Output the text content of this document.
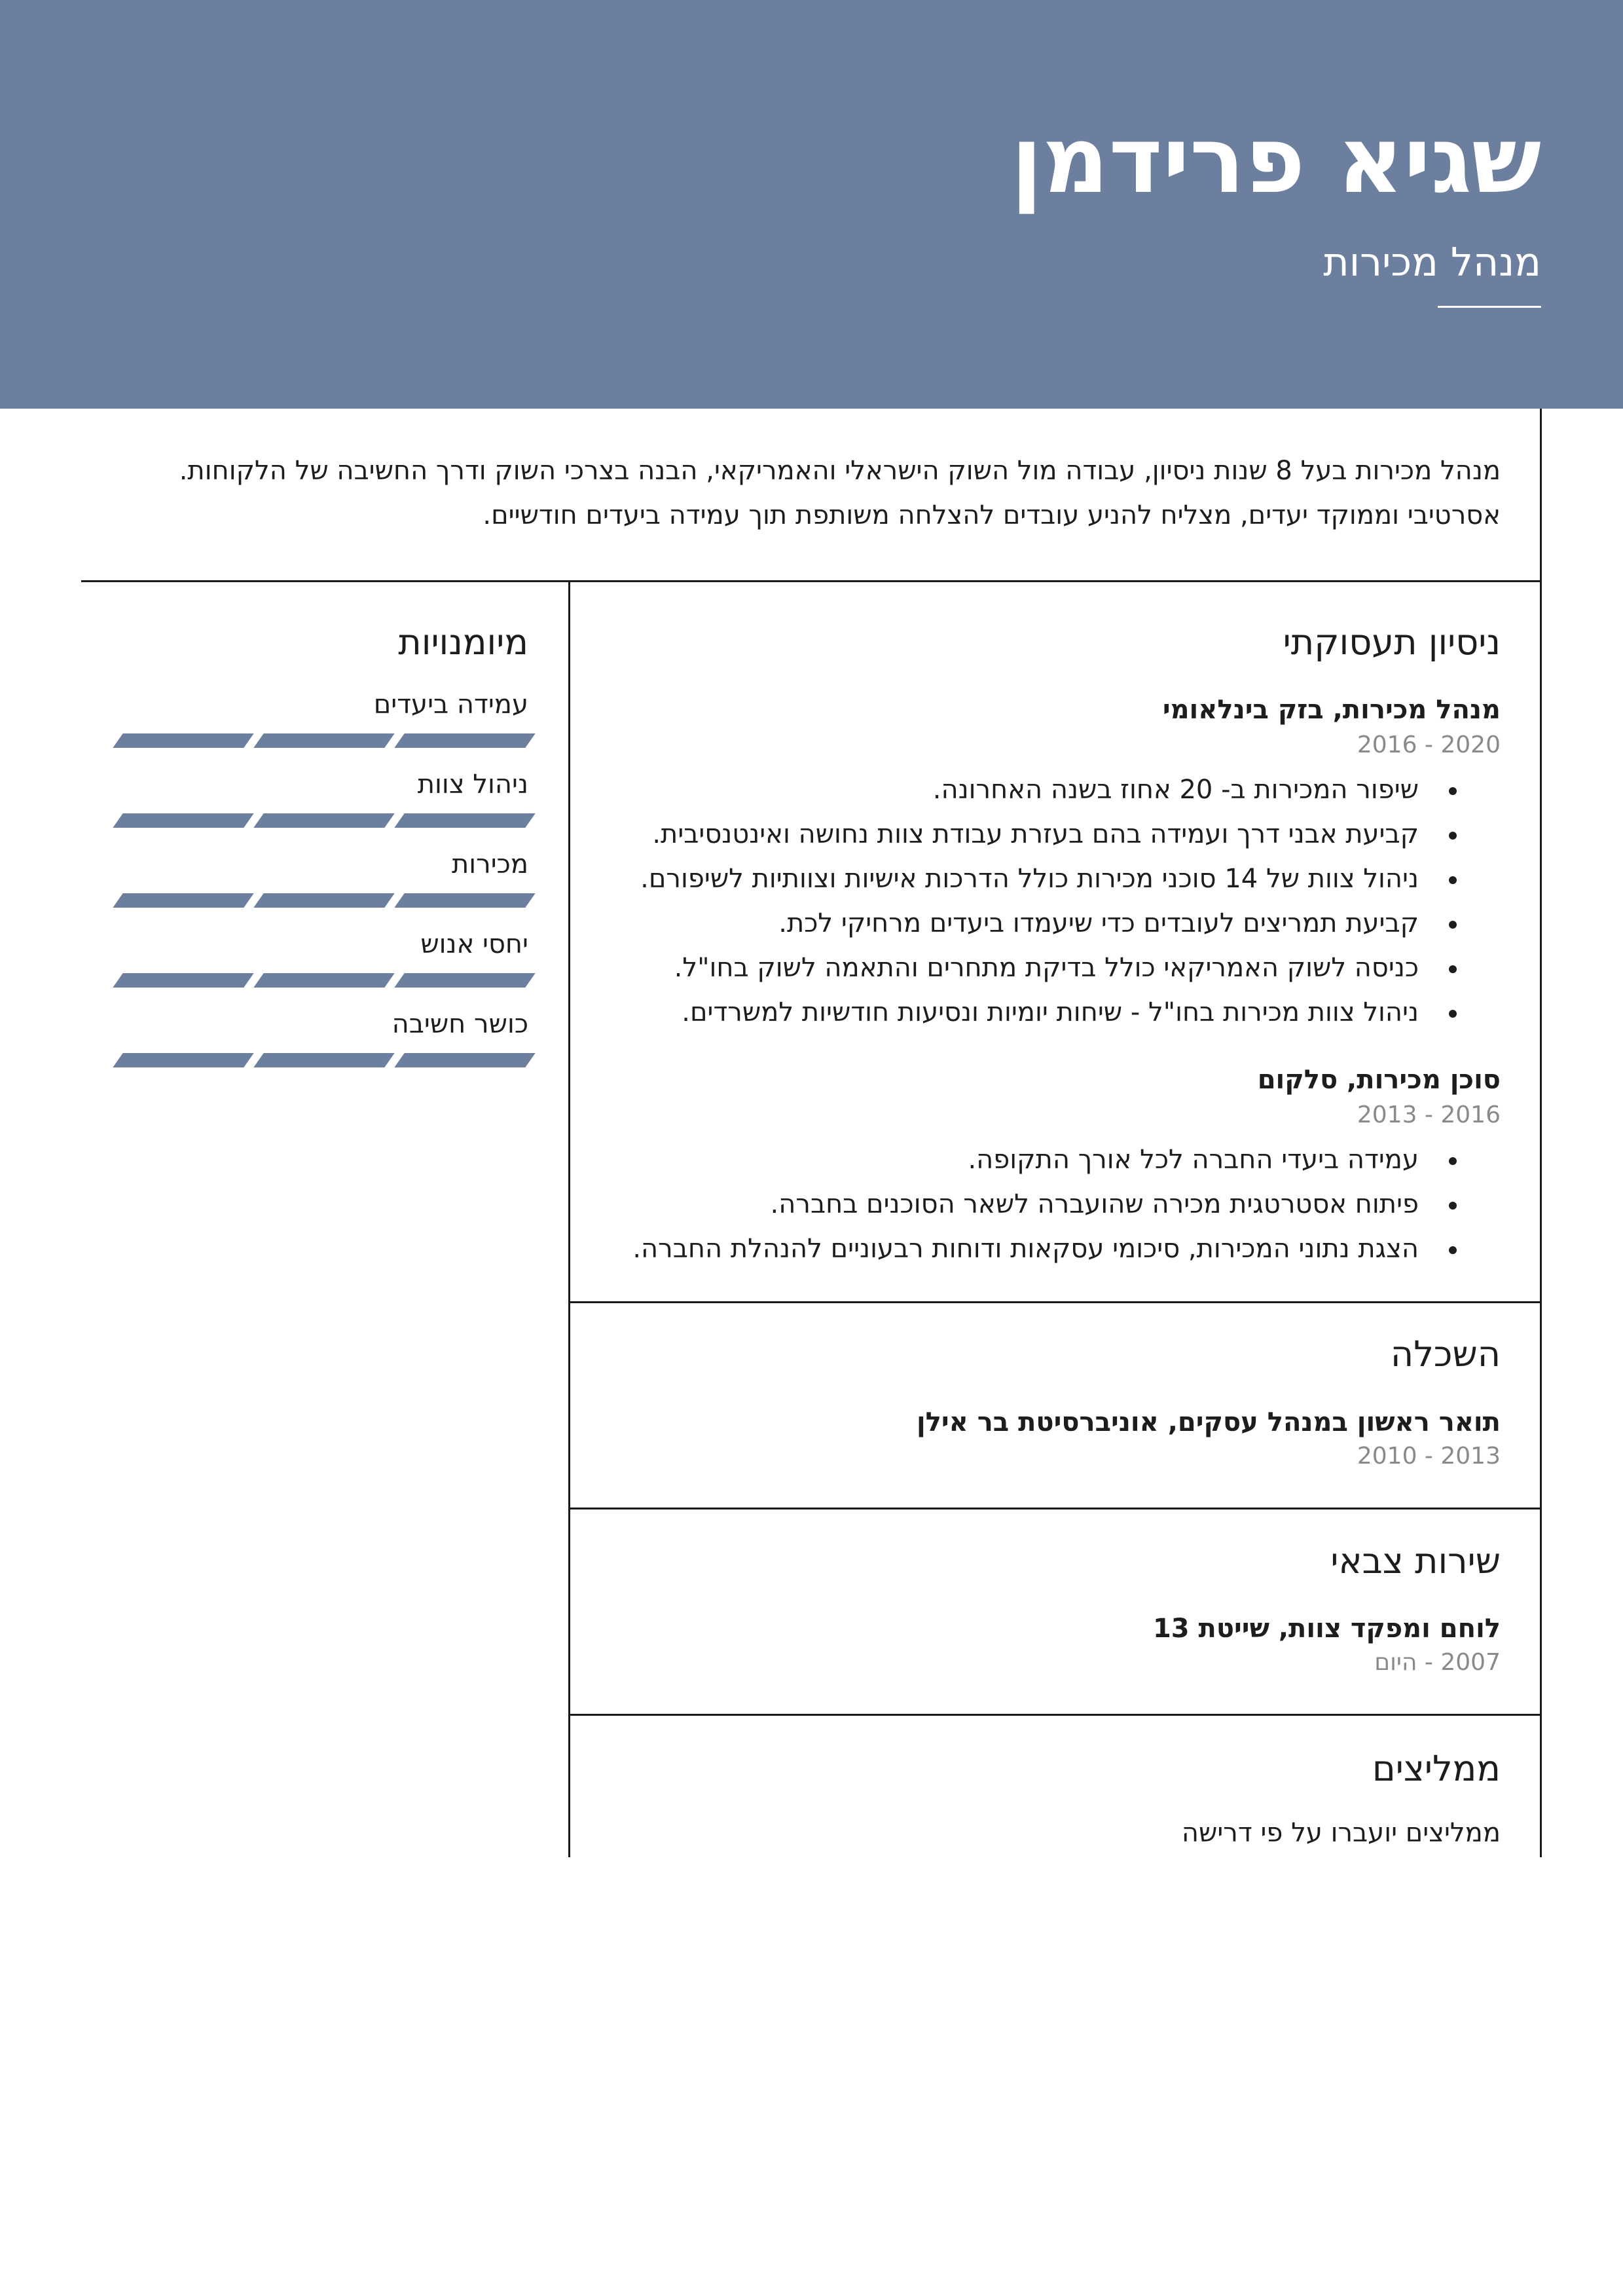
שגיא פרידמן
מנהל מכירות

מנהל מכירות בעל 8 שנות ניסיון, עבודה מול השוק הישראלי והאמריקאי, הבנה בצרכי השוק ודרך החשיבה של הלקוחות.

אסרטיבי וממוקד יעדים, מצליח להניע עובדים להצלחה משותפת תוך עמידה ביעדים חודשיים.

ניסיון תעסוקתי
מנהל מכירות, בזק בינלאומי
2020 - 2016
שיפור המכירות ב- 20 אחוז בשנה האחרונה.
קביעת אבני דרך ועמידה בהם בעזרת עבודת צוות נחושה ואינטנסיבית.
ניהול צוות של 14 סוכני מכירות כולל הדרכות אישיות וצוותיות לשיפורם.
קביעת תמריצים לעובדים כדי שיעמדו ביעדים מרחיקי לכת.
כניסה לשוק האמריקאי כולל בדיקת מתחרים והתאמה לשוק בחו"ל.
ניהול צוות מכירות בחו"ל - שיחות יומיות ונסיעות חודשיות למשרדים.
סוכן מכירות, סלקום
2016 - 2013
עמידה ביעדי החברה לכל אורך התקופה.
פיתוח אסטרטגית מכירה שהועברה לשאר הסוכנים בחברה.
הצגת נתוני המכירות, סיכומי עסקאות ודוחות רבעוניים להנהלת החברה.
השכלה
תואר ראשון במנהל עסקים, אוניברסיטת בר אילן
2013 - 2010
שירות צבאי
לוחם ומפקד צוות, שייטת 13
2007 - היום
ממליצים
ממליצים יועברו על פי דרישה
מיומנויות
עמידה ביעדים
ניהול צוות
מכירות
יחסי אנוש
כושר חשיבה
